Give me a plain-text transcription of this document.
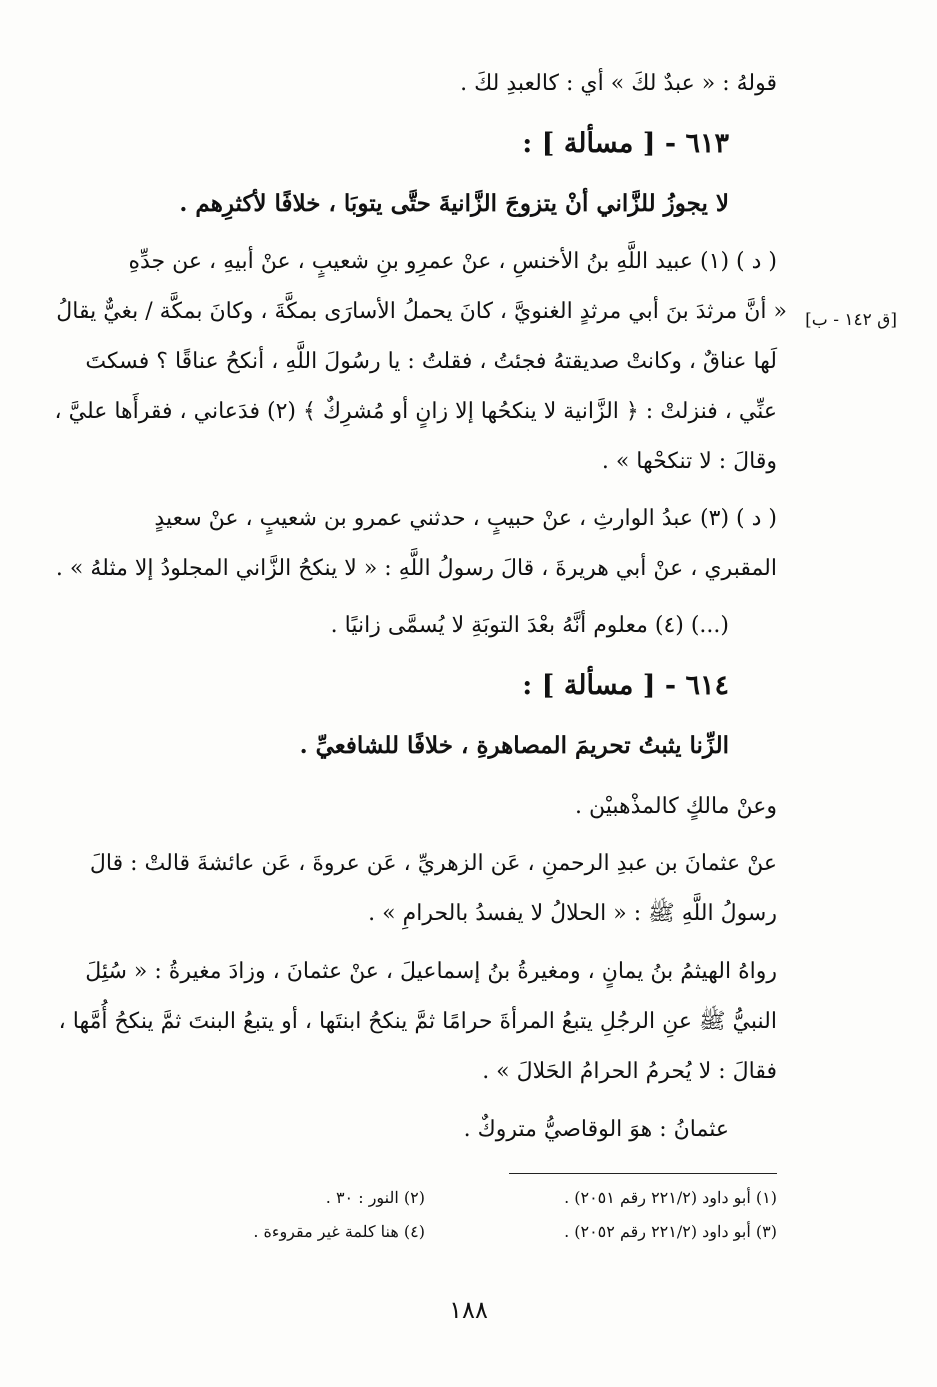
قولهُ : « عبدٌ لكَ » أي : كالعبدِ لكَ .
٦١٣ - [ مسألة ] :
لا يجوزُ للزَّاني أنْ يتزوجَ الزَّانيةَ حتَّى يتوبَا ، خلافًا لأكثرِهم .
( د ) (١) عبيد اللَّهِ بنُ الأخنسِ ، عنْ عمرِو بنِ شعيبٍ ، عنْ أبيهِ ، عن جدِّهِ
[ق ١٤٢ - ب]
« أنَّ مرثدَ بنَ أبي مرثدٍ الغنويَّ ، كانَ يحملُ الأسارَى بمكَّةَ ، وكانَ بمكَّة / بغيٌّ يقالُ
لَها عناقٌ ، وكانتْ صديقتهُ فجئتُ ، فقلتُ : يا رسُولَ اللَّهِ ، أنكحُ عناقًا ؟ فسكتَ
عنِّي ، فنزلتْ : ﴿ الزَّانية لا ينكحُها إلا زانٍ أو مُشرِكٌ ﴾ (٢) فدَعاني ، فقرأَها عليَّ ،
وقالَ : لا تنكحْها » .
( د ) (٣) عبدُ الوارثِ ، عنْ حبيبٍ ، حدثني عمرو بن شعيبٍ ، عنْ سعيدٍ
المقبري ، عنْ أبي هريرةَ ، قالَ رسولُ اللَّهِ : « لا ينكحُ الزَّاني المجلودُ إلا مثلهُ » .
(...) (٤) معلوم أنَّهُ بعْدَ التوبَةِ لا يُسمَّى زانيًا .
٦١٤ - [ مسألة ] :
الزِّنا يثبتُ تحريمَ المصاهرةِ ، خلافًا للشافعيِّ .
وعنْ مالكٍ كالمذْهبيْن .
عنْ عثمانَ بن عبدِ الرحمنِ ، عَن الزهريِّ ، عَن عروةَ ، عَن عائشةَ قالتْ : قالَ
رسولُ اللَّهِ ﷺ : « الحلالُ لا يفسدُ بالحرامِ » .
رواهُ الهيثمُ بنُ يمانٍ ، ومغيرةُ بنُ إسماعيلَ ، عنْ عثمانَ ، وزادَ مغيرةُ : « سُئِلَ
النبيُّ ﷺ عنِ الرجُلِ يتبعُ المرأةَ حرامًا ثمَّ ينكحُ ابنتَها ، أو يتبعُ البنتَ ثمَّ ينكحُ أُمَّها ،
فقالَ : لا يُحرمُ الحرامُ الحَلالَ » .
عثمانُ : هوَ الوقاصيُّ متروكٌ .
(١) أبو داود (٢٢١/٢ رقم ٢٠٥١) .
(٢) النور : ٣٠ .
(٣) أبو داود (٢٢١/٢ رقم ٢٠٥٢) .
(٤) هنا كلمة غير مقروءة .
١٨٨
